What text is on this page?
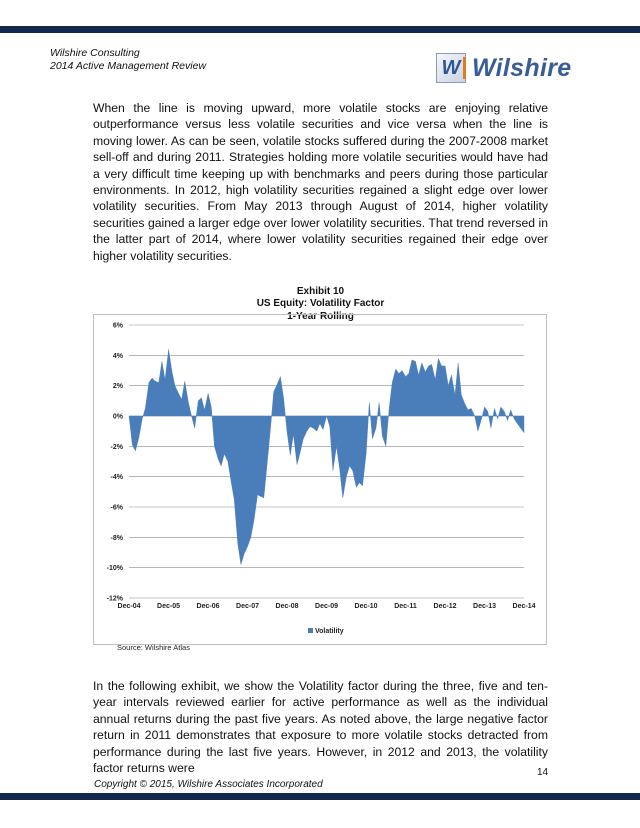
Wilshire Consulting
2014 Active Management Review	W Wilshire
When the line is moving upward, more volatile stocks are enjoying relative outperformance versus less volatile securities and vice versa when the line is moving lower. As can be seen, volatile stocks suffered during the 2007-2008 market sell-off and during 2011. Strategies holding more volatile securities would have had a very difficult time keeping up with benchmarks and peers during those particular environments. In 2012, high volatility securities regained a slight edge over lower volatility securities. From May 2013 through August of 2014, higher volatility securities gained a larger edge over lower volatility securities. That trend reversed in the latter part of 2014, where lower volatility securities regained their edge over higher volatility securities.
Exhibit 10
US Equity: Volatility Factor
1-Year Rolling
-12%
-10%
-8%
-6%
-4%
-2%
0%
2%
4%
6%
Dec-04 Dec-05 Dec-06 Dec-07 Dec-08 Dec-09 Dec-10 Dec-11 Dec-12 Dec-13 Dec-14
Volatility
Source: Wilshire Atlas
In the following exhibit, we show the Volatility factor during the three, five and ten-year intervals reviewed earlier for active performance as well as the individual annual returns during the past five years. As noted above, the large negative factor return in 2011 demonstrates that exposure to more volatile stocks detracted from performance during the last five years. However, in 2012 and 2013, the volatility factor returns were	14
Copyright © 2015, Wilshire Associates Incorporated
